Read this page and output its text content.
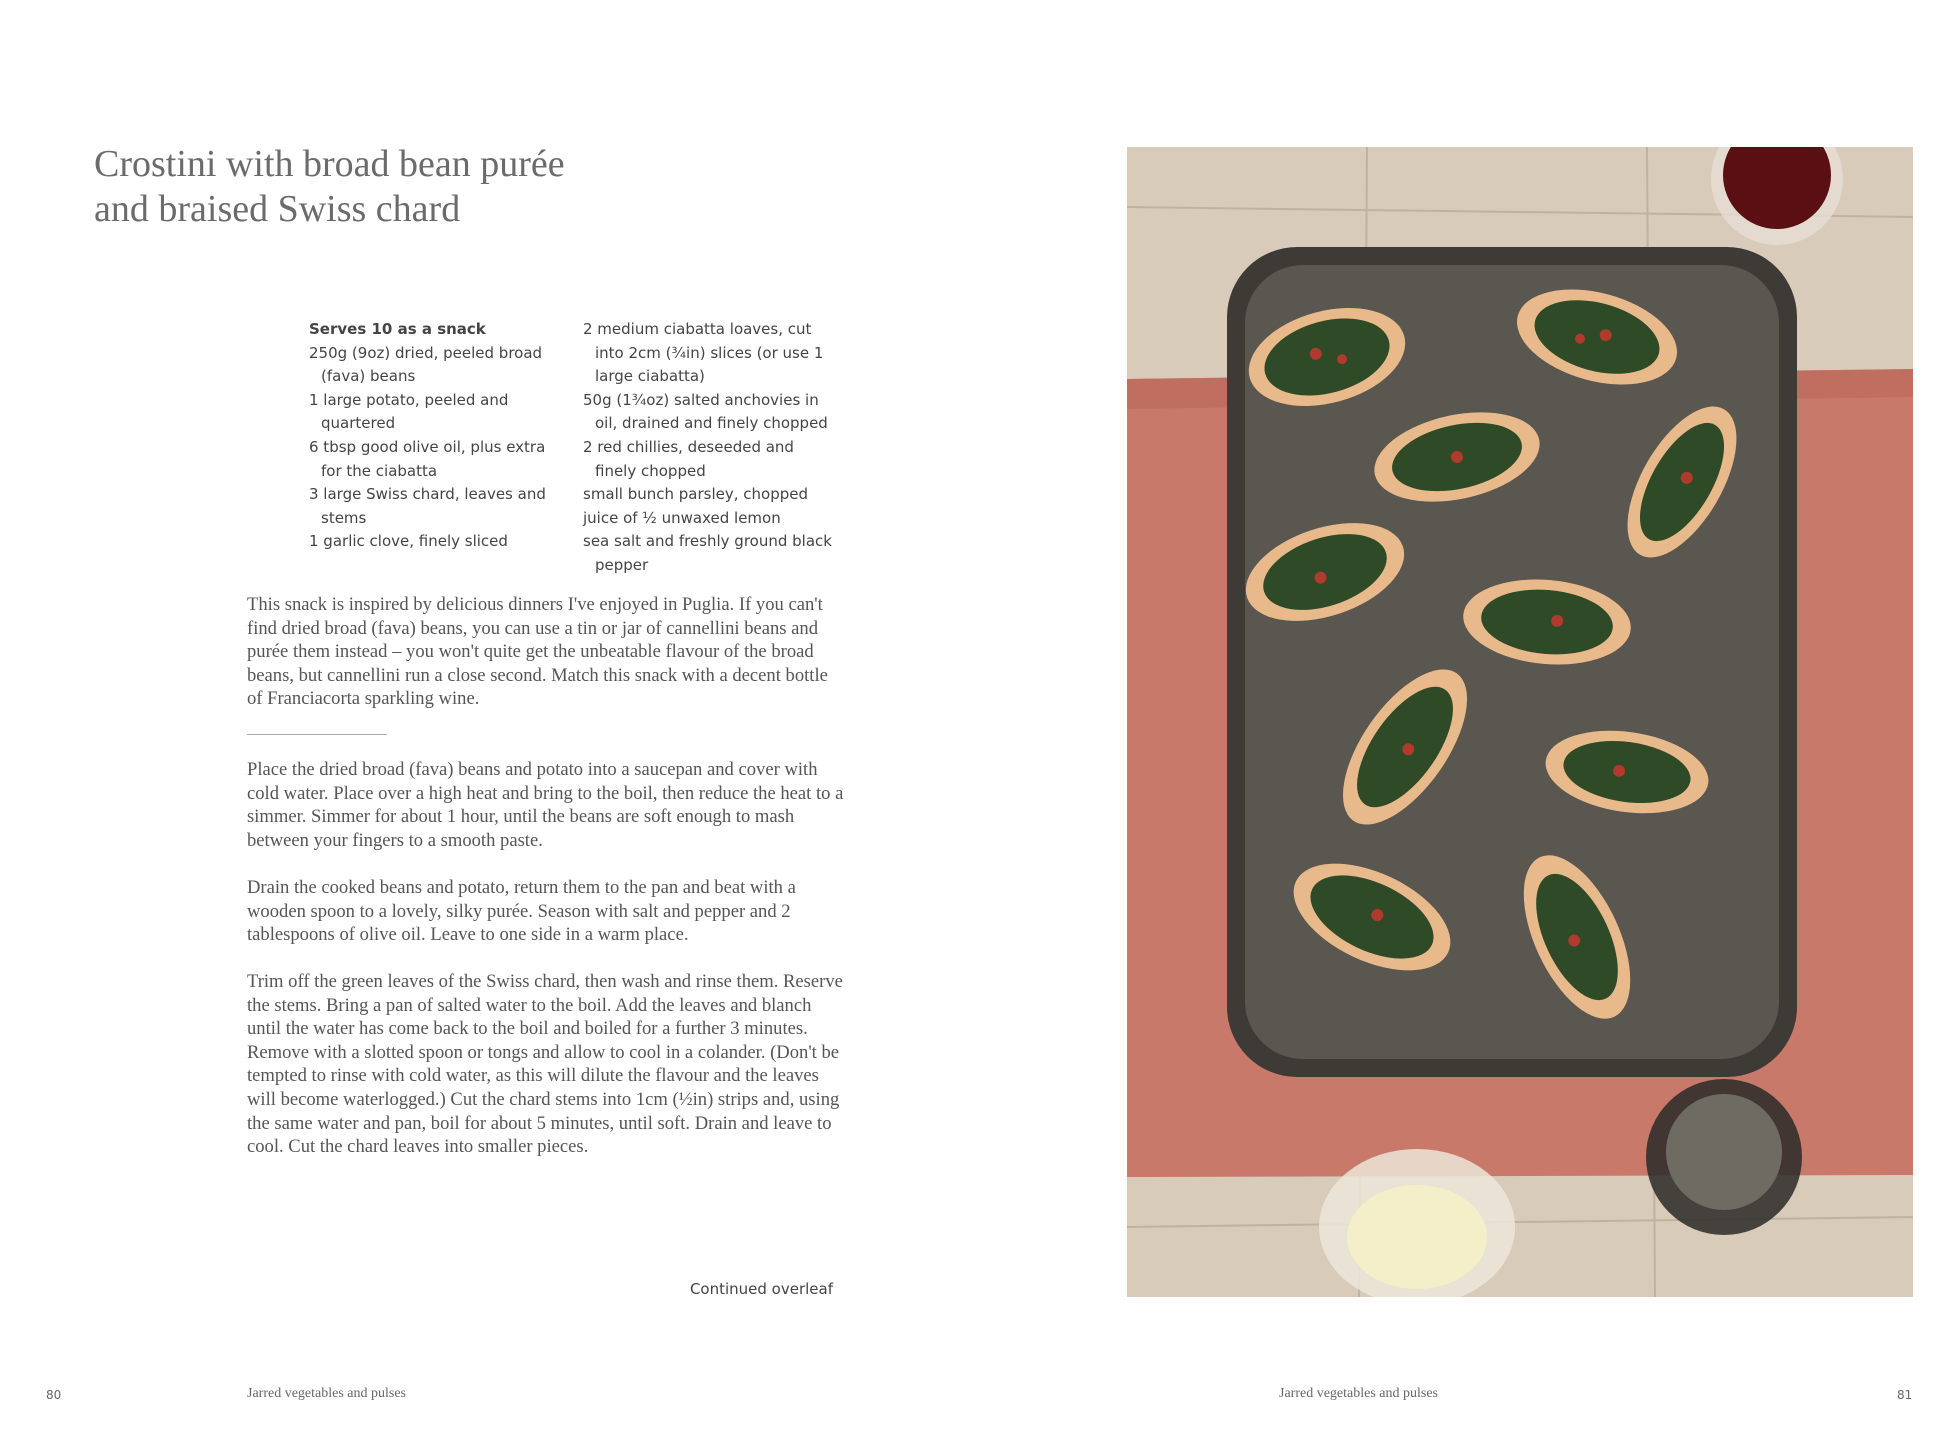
Crostini with broad bean purée
and braised Swiss chard
Serves 10 as a snack
250g (9oz) dried, peeled broad (fava) beans
1 large potato, peeled and quartered
6 tbsp good olive oil, plus extra for the ciabatta
3 large Swiss chard, leaves and stems
1 garlic clove, finely sliced
2 medium ciabatta loaves, cut into 2cm (¾in) slices (or use 1 large ciabatta)
50g (1¾oz) salted anchovies in oil, drained and finely chopped
2 red chillies, deseeded and finely chopped
small bunch parsley, chopped
juice of ½ unwaxed lemon
sea salt and freshly ground black pepper

This snack is inspired by delicious dinners I've enjoyed in Puglia. If you can't find dried broad (fava) beans, you can use a tin or jar of cannellini beans and purée them instead – you won't quite get the unbeatable flavour of the broad beans, but cannellini run a close second. Match this snack with a decent bottle of Franciacorta sparkling wine.

Place the dried broad (fava) beans and potato into a saucepan and cover with cold water. Place over a high heat and bring to the boil, then reduce the heat to a simmer. Simmer for about 1 hour, until the beans are soft enough to mash between your fingers to a smooth paste.

Drain the cooked beans and potato, return them to the pan and beat with a wooden spoon to a lovely, silky purée. Season with salt and pepper and 2 tablespoons of olive oil. Leave to one side in a warm place.

Trim off the green leaves of the Swiss chard, then wash and rinse them. Reserve the stems. Bring a pan of salted water to the boil. Add the leaves and blanch until the water has come back to the boil and boiled for a further 3 minutes. Remove with a slotted spoon or tongs and allow to cool in a colander. (Don't be tempted to rinse with cold water, as this will dilute the flavour and the leaves will become waterlogged.) Cut the chard stems into 1cm (½in) strips and, using the same water and pan, boil for about 5 minutes, until soft. Drain and leave to cool. Cut the chard leaves into smaller pieces.

Continued overleaf
80	Jarred vegetables and pulses	Jarred vegetables and pulses	81
